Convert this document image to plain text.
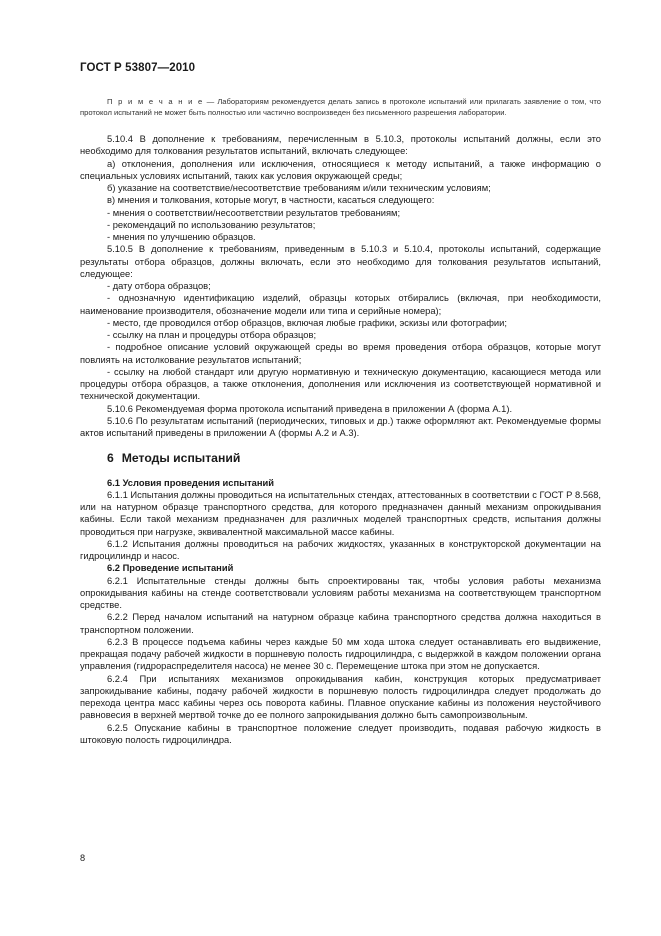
ГОСТ Р 53807—2010
П р и м е ч а н и е — Лабораториям рекомендуется делать запись в протоколе испытаний или прилагать заявление о том, что протокол испытаний не может быть полностью или частично воспроизведен без письменного разрешения лаборатории.

5.10.4 В дополнение к требованиям, перечисленным в 5.10.3, протоколы испытаний должны, если это необходимо для толкования результатов испытаний, включать следующее:

а) отклонения, дополнения или исключения, относящиеся к методу испытаний, а также информацию о специальных условиях испытаний, таких как условия окружающей среды;

б) указание на соответствие/несоответствие требованиям и/или техническим условиям;

в) мнения и толкования, которые могут, в частности, касаться следующего:

- мнения о соответствии/несоответствии результатов требованиям;

- рекомендаций по использованию результатов;

- мнения по улучшению образцов.

5.10.5 В дополнение к требованиям, приведенным в 5.10.3 и 5.10.4, протоколы испытаний, содержащие результаты отбора образцов, должны включать, если это необходимо для толкования результатов испытаний, следующее:

- дату отбора образцов;

- однозначную идентификацию изделий, образцы которых отбирались (включая, при необходимости, наименование производителя, обозначение модели или типа и серийные номера);

- место, где проводился отбор образцов, включая любые графики, эскизы или фотографии;

- ссылку на план и процедуры отбора образцов;

- подробное описание условий окружающей среды во время проведения отбора образцов, которые могут повлиять на истолкование результатов испытаний;

- ссылку на любой стандарт или другую нормативную и техническую документацию, касающиеся метода или процедуры отбора образцов, а также отклонения, дополнения или исключения из соответствующей нормативной и технической документации.

5.10.6 Рекомендуемая форма протокола испытаний приведена в приложении А (форма А.1).

5.10.6 По результатам испытаний (периодических, типовых и др.) также оформляют акт. Рекомендуемые формы актов испытаний приведены в приложении А (формы А.2 и А.3).

6 Методы испытаний

6.1 Условия проведения испытаний

6.1.1 Испытания должны проводиться на испытательных стендах, аттестованных в соответствии с ГОСТ Р 8.568, или на натурном образце транспортного средства, для которого предназначен данный механизм опрокидывания кабины. Если такой механизм предназначен для различных моделей транспортных средств, испытания должны проводиться при нагрузке, эквивалентной максимальной массе кабины.

6.1.2 Испытания должны проводиться на рабочих жидкостях, указанных в конструкторской документации на гидроцилиндр и насос.

6.2 Проведение испытаний

6.2.1 Испытательные стенды должны быть спроектированы так, чтобы условия работы механизма опрокидывания кабины на стенде соответствовали условиям работы механизма на соответствующем транспортном средстве.

6.2.2 Перед началом испытаний на натурном образце кабина транспортного средства должна находиться в транспортном положении.

6.2.3 В процессе подъема кабины через каждые 50 мм хода штока следует останавливать его выдвижение, прекращая подачу рабочей жидкости в поршневую полость гидроцилиндра, с выдержкой в каждом положении органа управления (гидрораспределителя насоса) не менее 30 с. Перемещение штока при этом не допускается.

6.2.4 При испытаниях механизмов опрокидывания кабин, конструкция которых предусматривает запрокидывание кабины, подачу рабочей жидкости в поршневую полость гидроцилиндра следует продолжать до перехода центра масс кабины через ось поворота кабины. Плавное опускание кабины из положения неустойчивого равновесия в верхней мертвой точке до ее полного запрокидывания должно быть самопроизвольным.

6.2.5 Опускание кабины в транспортное положение следует производить, подавая рабочую жидкость в штоковую полость гидроцилиндра.

8
